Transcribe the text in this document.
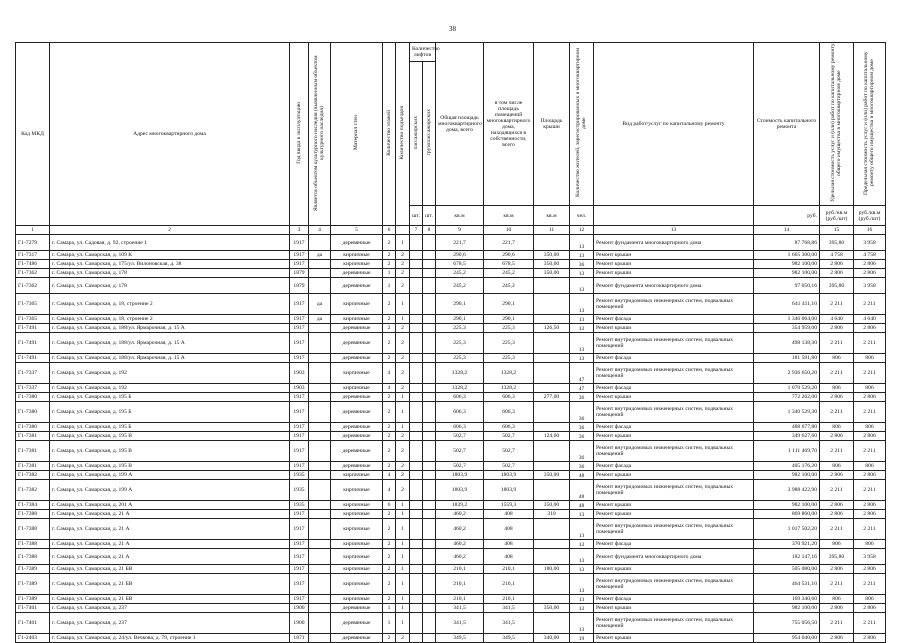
38
Код МКД	Адрес многоквартирного дома	Год ввода в эксплуатацию	Является объектом культурного наследия (выявленным объектом культурного наследия)	Материал стен	Количество этажей	Количество подъездов	Количество лифтов		Общая площадь многоквартирного дома, всего	в том числе площадь помещений многоквартирного дома, находящихся в собственности, всего	Площадь крыши	Количество жителей, зарегистрированных в многоквартирном доме	Вид работ/услуг по капитальному ремонту	Стоимость капитального ремонта	Удельная стоимость услуг и (или) работ по капитальному ремонту общего имущества в многоквартирном доме	Предельная стоимость услуг и (или) работ по капитальному ремонту общего имущества в многоквартирном доме
							пассажирских	грузопассажирских								
							шт.	шт.	кв.м	кв.м	кв.м	чел.		руб.	руб./кв.м (руб./шт)	руб./кв.м (руб./шт)
1	2	3	4	5	6		7	8	9	10	11	12	13	14	15	16
Г1-7279	г. Самара, ул. Садовая, д. 92, строение 1	1917		деревянные	2	1			221,7	221,7		13	Ремонт фундамента многоквартирного дома	87 768,86	395,80	3 958
Г1-7317	г. Самара, ул. Самарская, д. 109 К	1917	да	кирпичные	2	2			290,6	290,6	350,00	13	Ремонт крыши	1 665 300,00	4 758	4 758
Г1-7486	г. Самара, ул. Самарская, д. 175/ул. Вилоновская, д. 38	1917		кирпичные	2	2			678,5	678,5	350,00	36	Ремонт крыши	982 100,00	2 806	2 806
Г1-7362	г. Самара, ул. Самарская, д. 178	1879		деревянные	1	2			245,2	245,2	350,00	13	Ремонт крыши	982 100,00	2 806	2 806
Г1-7362	г. Самара, ул. Самарская, д. 178	1879		деревянные	1	2			245,2	245,2		13	Ремонт фундамента многоквартирного дома	97 050,16	395,80	3 958
Г1-7365	г. Самара, ул. Самарская, д. 18, строение 2	1917	да	кирпичные	2	1			290,1	290,1		13	Ремонт внутридомовых инженерных систем, подвальных помещений	641 411,10	2 211	2 211
Г1-7365	г. Самара, ул. Самарская, д. 18, строение 2	1917	да	кирпичные	2	1			290,1	290,1		13	Ремонт фасада	1 346 064,00	4 640	4 640
Г1-7491	г. Самара, ул. Самарская, д. 188/ул. Ярмарочная, д. 15 А	1917		деревянные	2	2			225,3	225,3	126,50	13	Ремонт крыши	354 959,00	2 806	2 806
Г1-7491	г. Самара, ул. Самарская, д. 188/ул. Ярмарочная, д. 15 А	1917		деревянные	2	2			225,3	225,3		13	Ремонт внутридомовых инженерных систем, подвальных помещений	498 138,30	2 211	2 211
Г1-7491	г. Самара, ул. Самарская, д. 188/ул. Ярмарочная, д. 15 А	1917		деревянные	2	2			225,3	225,3		13	Ремонт фасада	181 591,80	806	806
Г1-7337	г. Самара, ул. Самарская, д. 192	1903		кирпичные	4	2			1328,2	1328,2		47	Ремонт внутридомовых инженерных систем, подвальных помещений	2 936 650,20	2 211	2 211
Г1-7337	г. Самара, ул. Самарская, д. 192	1903		кирпичные	4	2			1328,2	1328,2		47	Ремонт фасада	1 070 529,20	806	806
Г1-7380	г. Самара, ул. Самарская, д. 195 Б	1917		деревянные	2	1			606,3	606,3	277,00	36	Ремонт крыши	772 262,00	2 806	2 806
Г1-7380	г. Самара, ул. Самарская, д. 195 Б	1917		деревянные	2	1			606,3	606,3		36	Ремонт внутридомовых инженерных систем, подвальных помещений	1 340 529,30	2 211	2 211
Г1-7380	г. Самара, ул. Самарская, д. 195 Б	1917		деревянные	2	1			606,3	606,3		36	Ремонт фасада	488 677,80	806	806
Г1-7381	г. Самара, ул. Самарская, д. 195 В	1917		деревянные	2	2			502,7	502,7	124,60	36	Ремонт крыши	349 627,60	2 806	2 806
Г1-7381	г. Самара, ул. Самарская, д. 195 В	1917		деревянные	2	2			502,7	502,7		36	Ремонт внутридомовых инженерных систем, подвальных помещений	1 111 469,70	2 211	2 211
Г1-7381	г. Самара, ул. Самарская, д. 195 В	1917		деревянные	2	2			502,7	502,7		36	Ремонт фасада	405 176,20	806	806
Г1-7382	г. Самара, ул. Самарская, д. 199 А	1935		кирпичные	4	2			1803,9	1803,9	350,00	48	Ремонт крыши	982 100,00	2 806	2 806
Г1-7382	г. Самара, ул. Самарская, д. 199 А	1935		кирпичные	4	2			1803,9	1803,9		48	Ремонт внутридомовых инженерных систем, подвальных помещений	3 988 422,90	2 211	2 211
Г1-7384	г. Самара, ул. Самарская, д. 201 А	1935		кирпичные	6	1			1839,2	1559,3	350,00	48	Ремонт крыши	982 100,00	2 806	2 806
Г1-7388	г. Самара, ул. Самарская, д. 21 А	1917		кирпичные	2	1			460,2	408	310	13	Ремонт крыши	869 860,00	2 806	2 806
Г1-7388	г. Самара, ул. Самарская, д. 21 А	1917		кирпичные	2	1			460,2	408		13	Ремонт внутридомовых инженерных систем, подвальных помещений	1 017 502,20	2 211	2 211
Г1-7388	г. Самара, ул. Самарская, д. 21 А	1917		кирпичные	2	1			460,2	408		13	Ремонт фасада	370 921,20	806	806
Г1-7388	г. Самара, ул. Самарская, д. 21 А	1917		кирпичные	2	1			460,2	408		13	Ремонт фундамента многоквартирного дома	182 147,16	395,80	3 958
Г1-7389	г. Самара, ул. Самарская, д. 21 БВ	1917		кирпичные	2	1			210,1	210,1	180,00	13	Ремонт крыши	505 080,00	2 806	2 806
Г1-7389	г. Самара, ул. Самарская, д. 21 БВ	1917		кирпичные	2	1			210,1	210,1		13	Ремонт внутридомовых инженерных систем, подвальных помещений	464 531,10	2 211	2 211
Г1-7389	г. Самара, ул. Самарская, д. 21 БВ	1917		кирпичные	2	1			210,1	210,1		13	Ремонт фасада	169 340,60	806	806
Г1-7401	г. Самара, ул. Самарская, д. 237	1900		деревянные	1	1			341,5	341,5	350,00	13	Ремонт крыши	982 100,00	2 806	2 806
Г1-7401	г. Самара, ул. Самарская, д. 237	1900		деревянные	1	1			341,5	341,5		13	Ремонт внутридомовых инженерных систем, подвальных помещений	755 056,50	2 211	2 211
Г1-2403	г. Самара, ул. Самарская, д. 24/ул. Вечкова, д. 79, строение 1	1871		деревянные	2	2			349,5	349,5	340,00	19	Ремонт крыши	954 040,00	2 806	2 806
